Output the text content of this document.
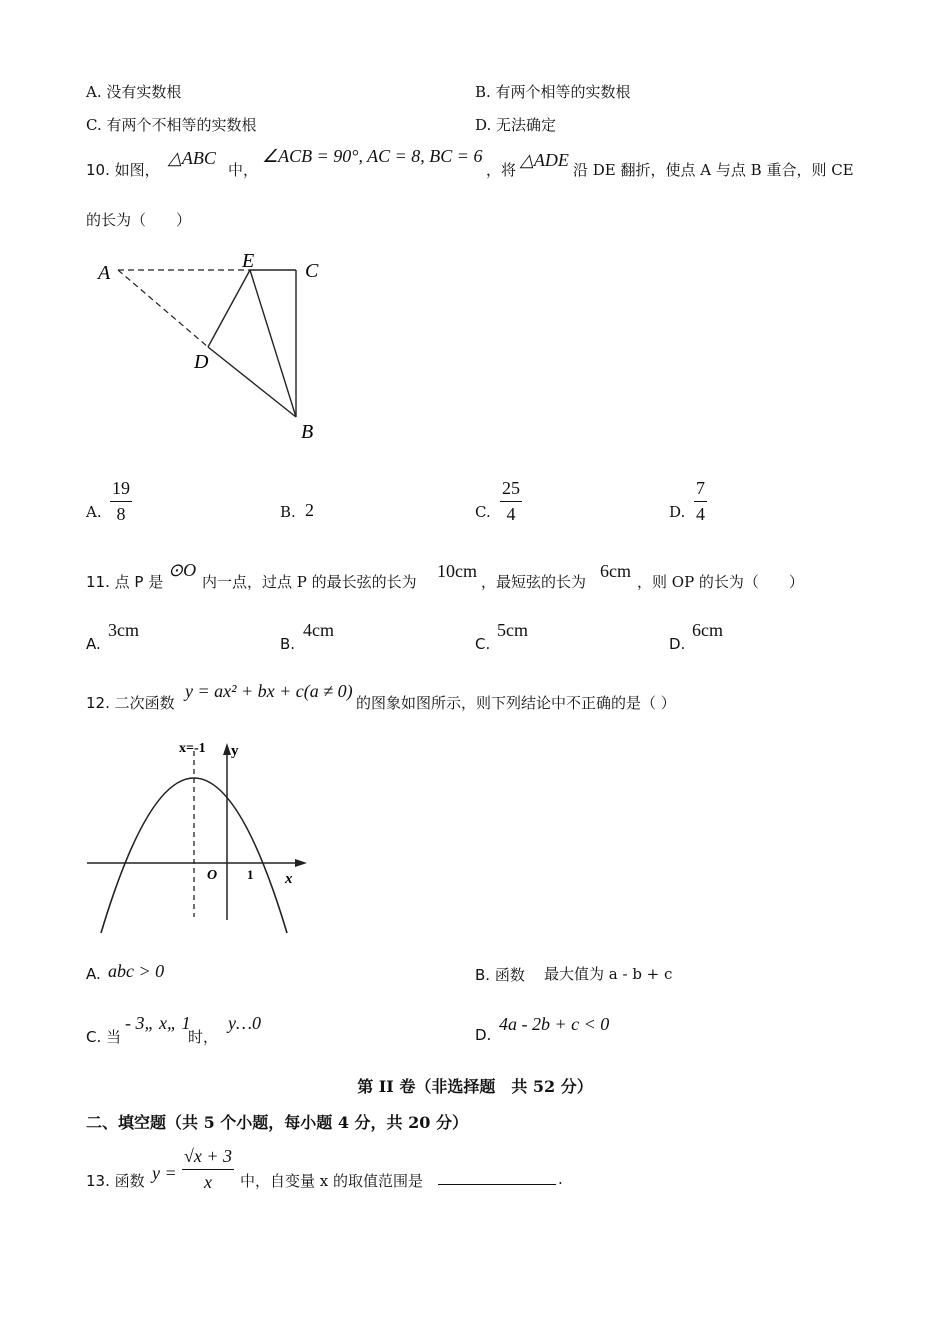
A. 没有实数根	B. 有两个相等的实数根
C. 有两个不相等的实数根	D. 无法确定
10. 如图，
△ABC
中，
∠ACB = 90°, AC = 8, BC = 6
，将 △ADE 沿 DE 翻折，使点 A 与点 B 重合，则 CE
的长为（　　）
A
E	C
D
B
A.
19
8	B. 2	C.
25
4	D.
7
4
11. 点 P 是
⊙O
内一点，过点 P 的最长弦的长为
10cm
，最短弦的长为
6cm
，则 OP 的长为（　　）
A.
3cm
B.
4cm
C.
5cm
D.
6cm
12. 二次函数
y = ax² + bx + c(a ≠ 0)
的图象如图所示，则下列结论中不正确的是（ ）
x=-1 y
O 1 x
A. abc > 0	B. 函数 最大值为 a - b + c
C. 当
- 3„ x„ 1
时，
y…0
D.
4a - 2b + c < 0
第 II 卷（非选择题　共 52 分）
二、填空题（共 5 个小题，每小题 4 分，共 20 分）
13. 函数 y =
√x + 3
x	中，自变量 x 的取值范围是	.
